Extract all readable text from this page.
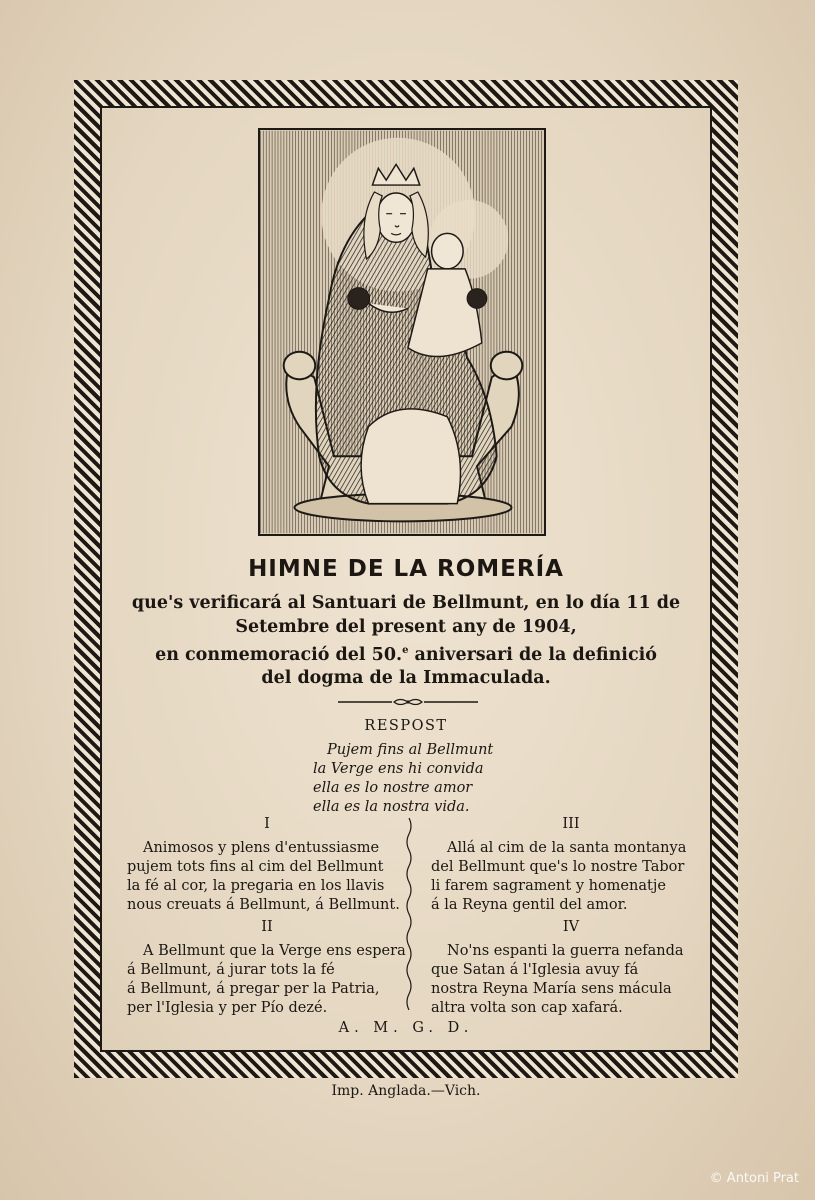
HIMNE DE LA ROMERÍA
que's verificará al Santuari de Bellmunt, en lo día 11 de
Setembre del present any de 1904,
en conmemoració del 50.$^e$ aniversari de la definició
del dogma de la Immaculada.
RESPOST
Pujem fins al Bellmunt
la Verge ens hi convida
ella es lo nostre amor
ella es la nostra vida.
I
Animosos y plens d'entussiasme
pujem tots fins al cim del Bellmunt
la fé al cor, la pregaria en los llavis
nous creuats á Bellmunt, á Bellmunt.
II
A Bellmunt que la Verge ens espera
á Bellmunt, á jurar tots la fé
á Bellmunt, á pregar per la Patria,
per l'Iglesia y per Pío dezé.
III
Allá al cim de la santa montanya
del Bellmunt que's lo nostre Tabor
li farem sagrament y homenatje
á la Reyna gentil del amor.
IV
No'ns espanti la guerra nefanda
que Satan á l'Iglesia avuy fá
nostra Reyna María sens mácula
altra volta son cap xafará.
A. M. G. D.
Imp. Anglada.—Vich.
© Antoni Prat
